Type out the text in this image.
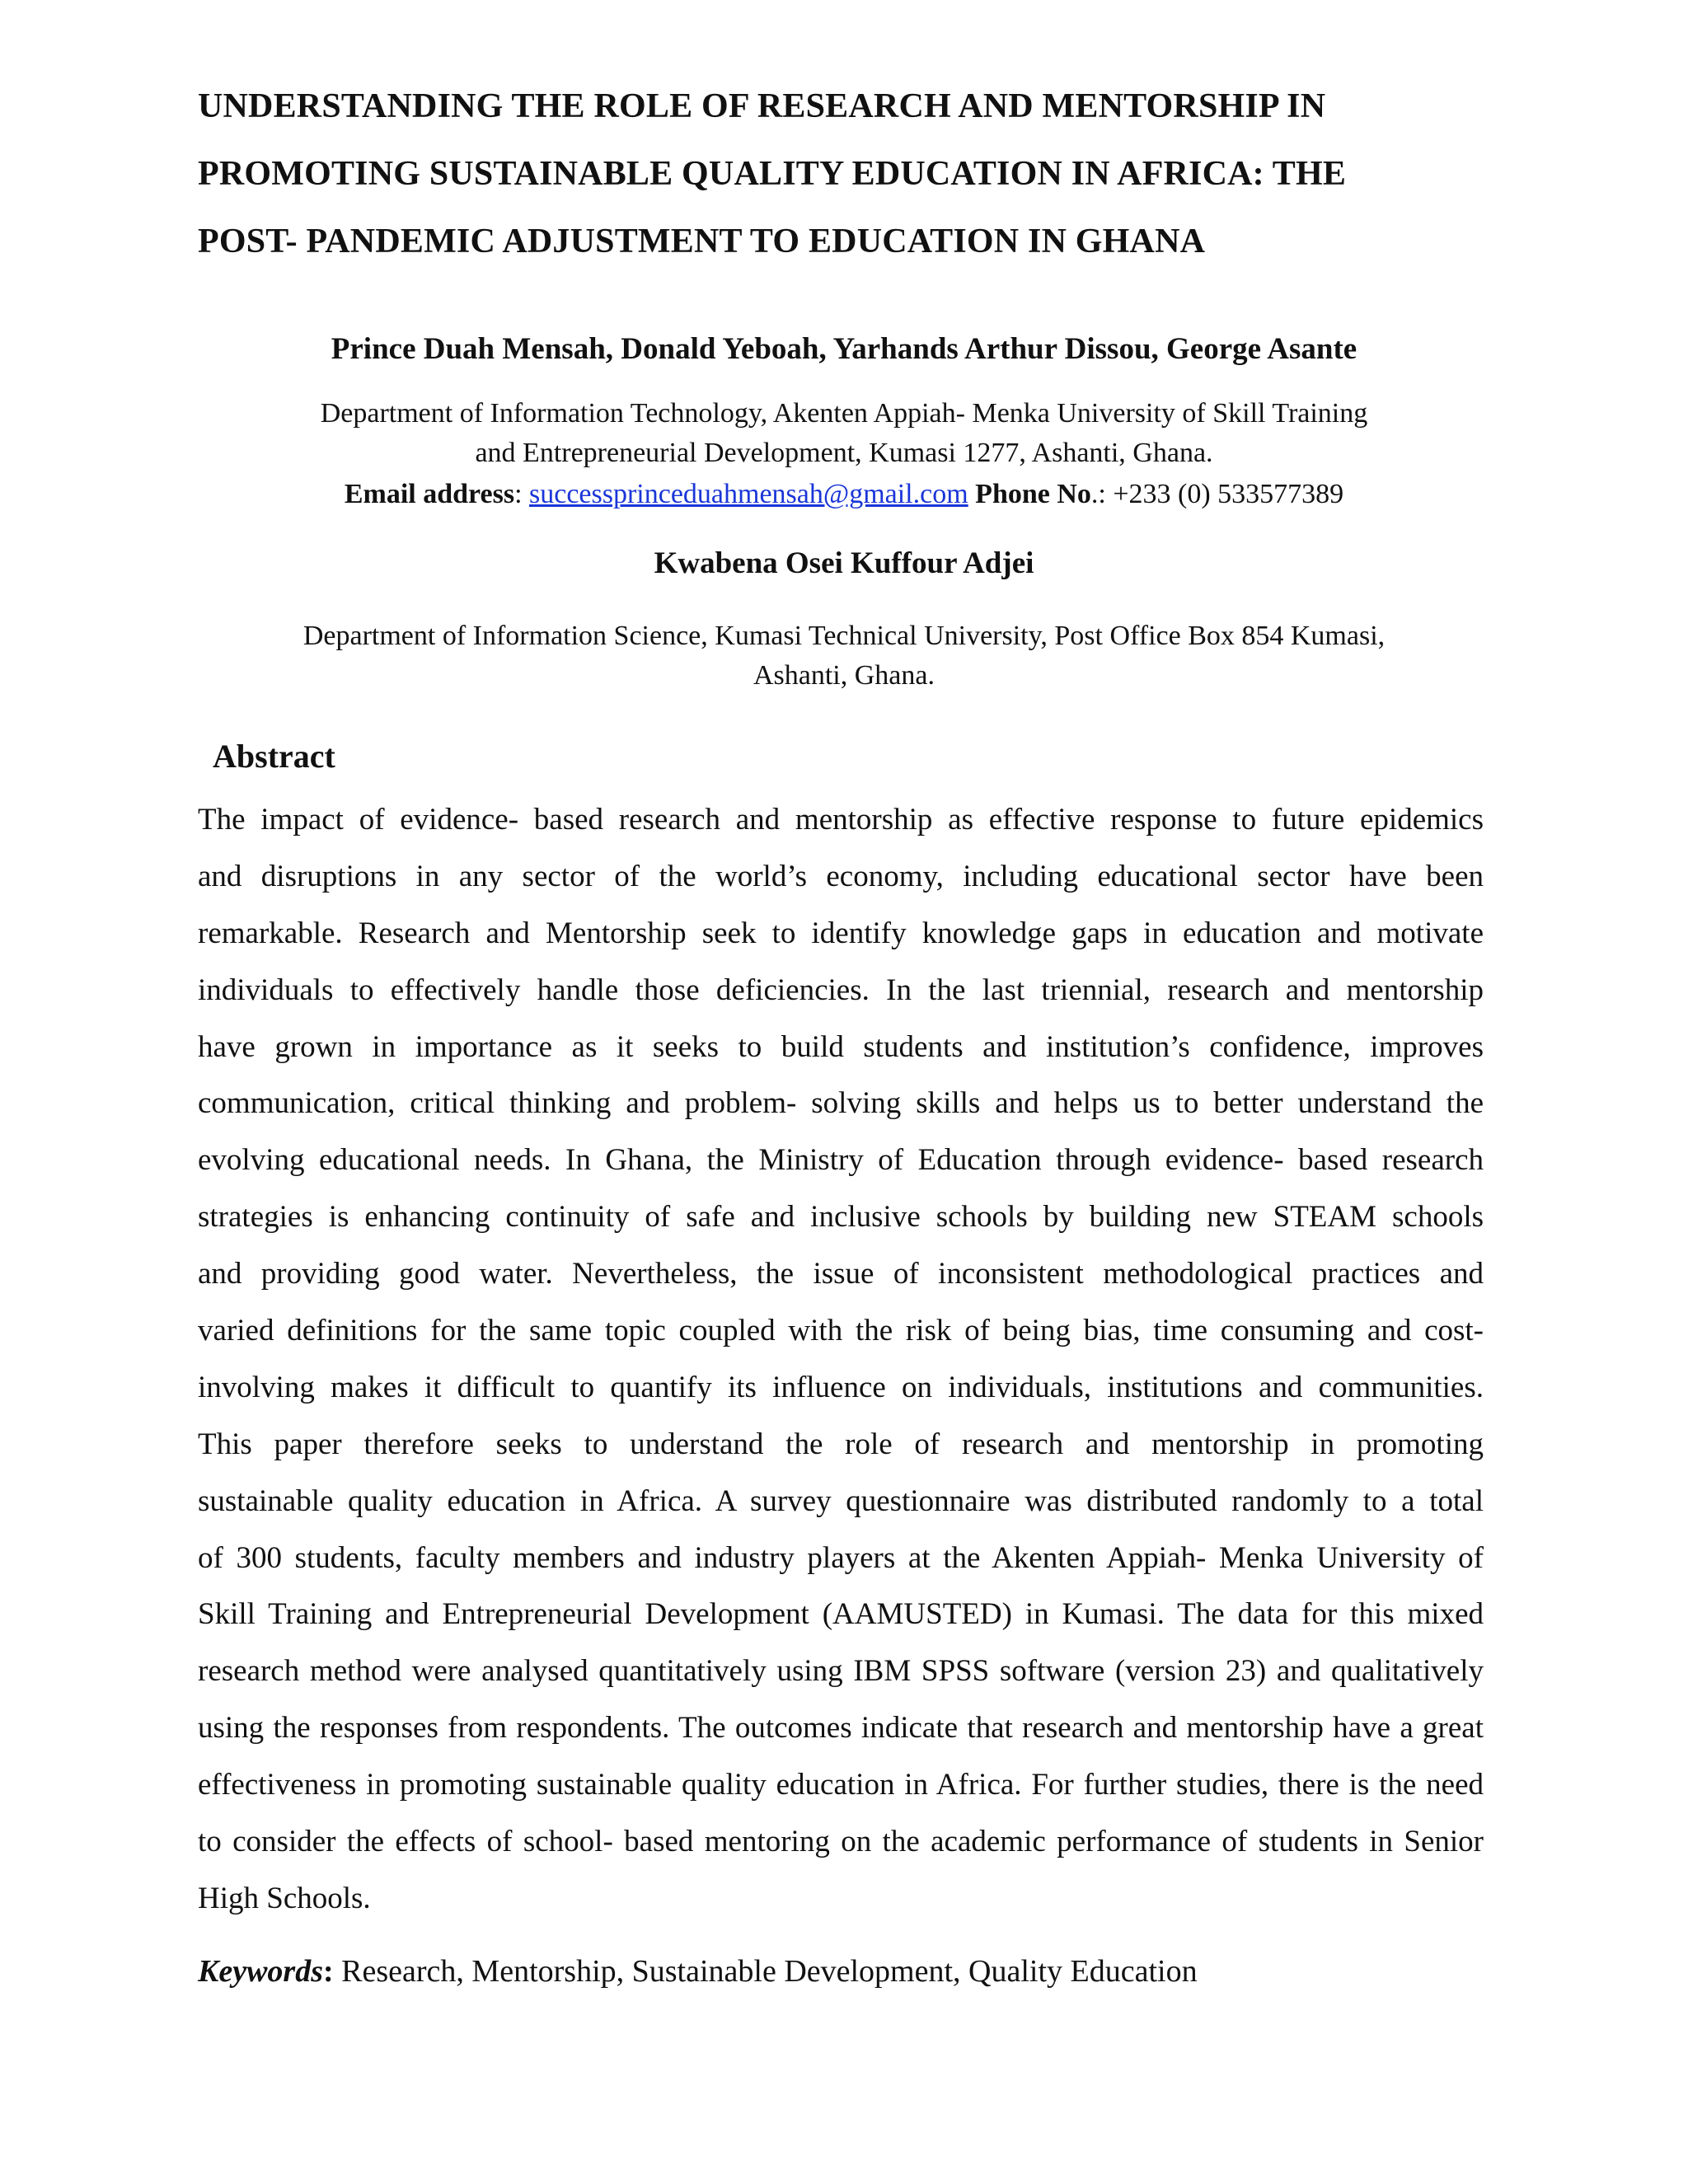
UNDERSTANDING THE ROLE OF RESEARCH AND MENTORSHIP IN
PROMOTING SUSTAINABLE QUALITY EDUCATION IN AFRICA: THE
POST- PANDEMIC ADJUSTMENT TO EDUCATION IN GHANA

Prince Duah Mensah, Donald Yeboah, Yarhands Arthur Dissou, George Asante

Department of Information Technology, Akenten Appiah- Menka University of Skill Training
and Entrepreneurial Development, Kumasi 1277, Ashanti, Ghana.

Email address: successprinceduahmensah@gmail.com Phone No.: +233 (0) 533577389

Kwabena Osei Kuffour Adjei

Department of Information Science, Kumasi Technical University, Post Office Box 854 Kumasi,
Ashanti, Ghana.

Abstract
The impact of evidence- based research and mentorship as effective response to future epidemics
and disruptions in any sector of the world’s economy, including educational sector have been
remarkable. Research and Mentorship seek to identify knowledge gaps in education and motivate
individuals to effectively handle those deficiencies. In the last triennial, research and mentorship
have grown in importance as it seeks to build students and institution’s confidence, improves
communication, critical thinking and problem- solving skills and helps us to better understand the
evolving educational needs. In Ghana, the Ministry of Education through evidence- based research
strategies is enhancing continuity of safe and inclusive schools by building new STEAM schools
and providing good water. Nevertheless, the issue of inconsistent methodological practices and
varied definitions for the same topic coupled with the risk of being bias, time consuming and cost-
involving makes it difficult to quantify its influence on individuals, institutions and communities.
This paper therefore seeks to understand the role of research and mentorship in promoting
sustainable quality education in Africa. A survey questionnaire was distributed randomly to a total
of 300 students, faculty members and industry players at the Akenten Appiah- Menka University of
Skill Training and Entrepreneurial Development (AAMUSTED) in Kumasi. The data for this mixed
research method were analysed quantitatively using IBM SPSS software (version 23) and qualitatively
using the responses from respondents. The outcomes indicate that research and mentorship have a great
effectiveness in promoting sustainable quality education in Africa. For further studies, there is the need
to consider the effects of school- based mentoring on the academic performance of students in Senior
High Schools.

Keywords: Research, Mentorship, Sustainable Development, Quality Education
